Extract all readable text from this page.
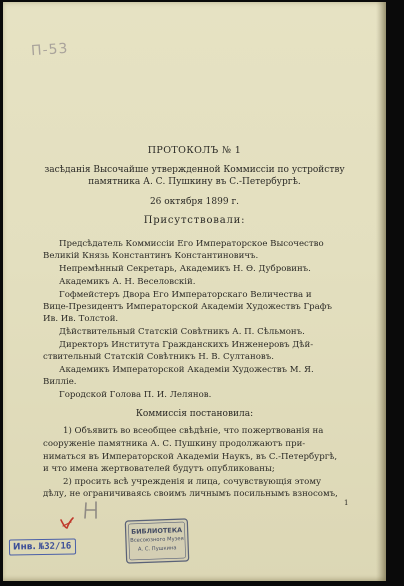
П-53

ПРОТОКОЛЪ № 1

засѣданія Высочайше утвержденной Коммиссіи по устройству

памятника А. С. Пушкину въ С.-Петербургѣ.

26 октября 1899 г.

Присутствовали:

Предсѣдатель Коммиссіи Его Императорское Высочество

Великій Князь Константинъ Константиновичъ.

Непремѣнный Секретарь, Академикъ Н. Ѳ. Дубровинъ.

Академикъ А. Н. Веселовскій.

Гофмейстеръ Двора Его Императорскаго Величества и

Вице-Президентъ Императорской Академіи Художествъ Графъ

Ив. Ив. Толстой.

Дѣйствительный Статскій Совѣтникъ А. П. Сѣльмонъ.

Директоръ Института Гражданскихъ Инженеровъ Дѣй-

ствительный Статскій Совѣтникъ Н. В. Султановъ.

Академикъ Императорской Академіи Художествъ М. Я.

Вилліе.

Городской Голова П. И. Лелянов.

Коммиссія постановила:

1) Объявить во всеобщее свѣдѣніе, что пожертвованія на

сооруженіе памятника А. С. Пушкину продолжаютъ при-

ниматься въ Императорской Академіи Наукъ, въ С.-Петербургѣ,

и что имена жертвователей будутъ опубликованы;

2) просить всѣ учрежденія и лица, сочувствующія этому

дѣлу, не ограничиваясь своимъ личнымъ посильнымъ взносомъ,

1

Инв. №32/16
БИБЛИОТЕКА
Всесоюзного Музея
А. С. Пушкина
